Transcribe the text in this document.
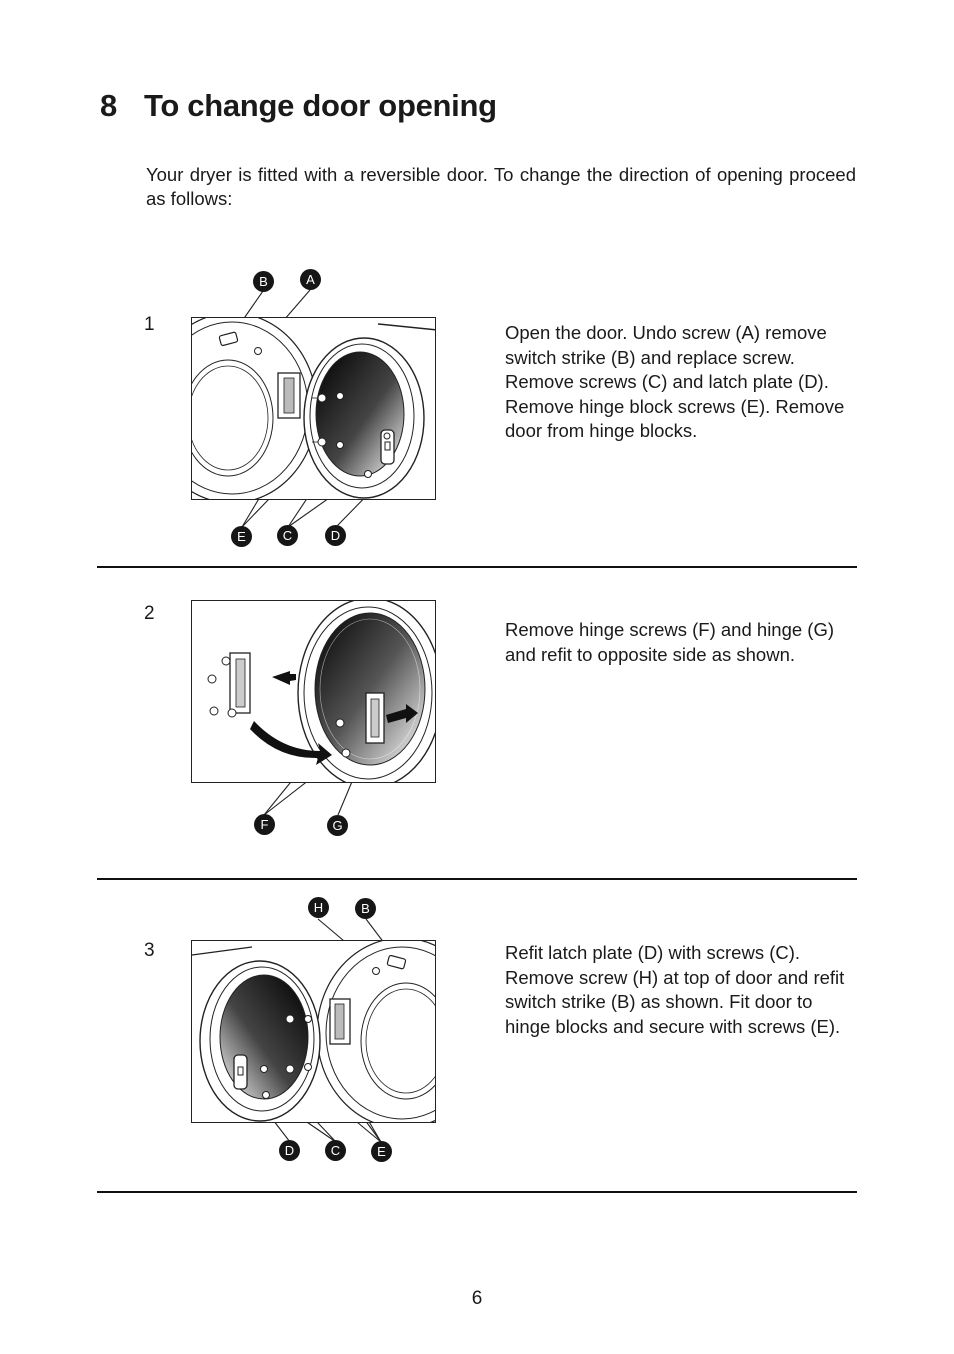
8 To change door opening

Your dryer is fitted with a reversible door. To change the direction of opening proceed as follows:

1
B	A
E	C	D

Open the door. Undo screw (A) remove switch strike (B) and replace screw. Remove screws (C) and latch plate (D). Remove hinge block screws (E). Remove door from hinge blocks.

2
F	G

Remove hinge screws (F) and hinge (G) and refit to opposite side as shown.

3
H	B
D	C	E

Refit latch plate (D) with screws (C). Remove screw (H) at top of door and refit switch strike (B) as shown. Fit door to hinge blocks and secure with screws (E).

6
